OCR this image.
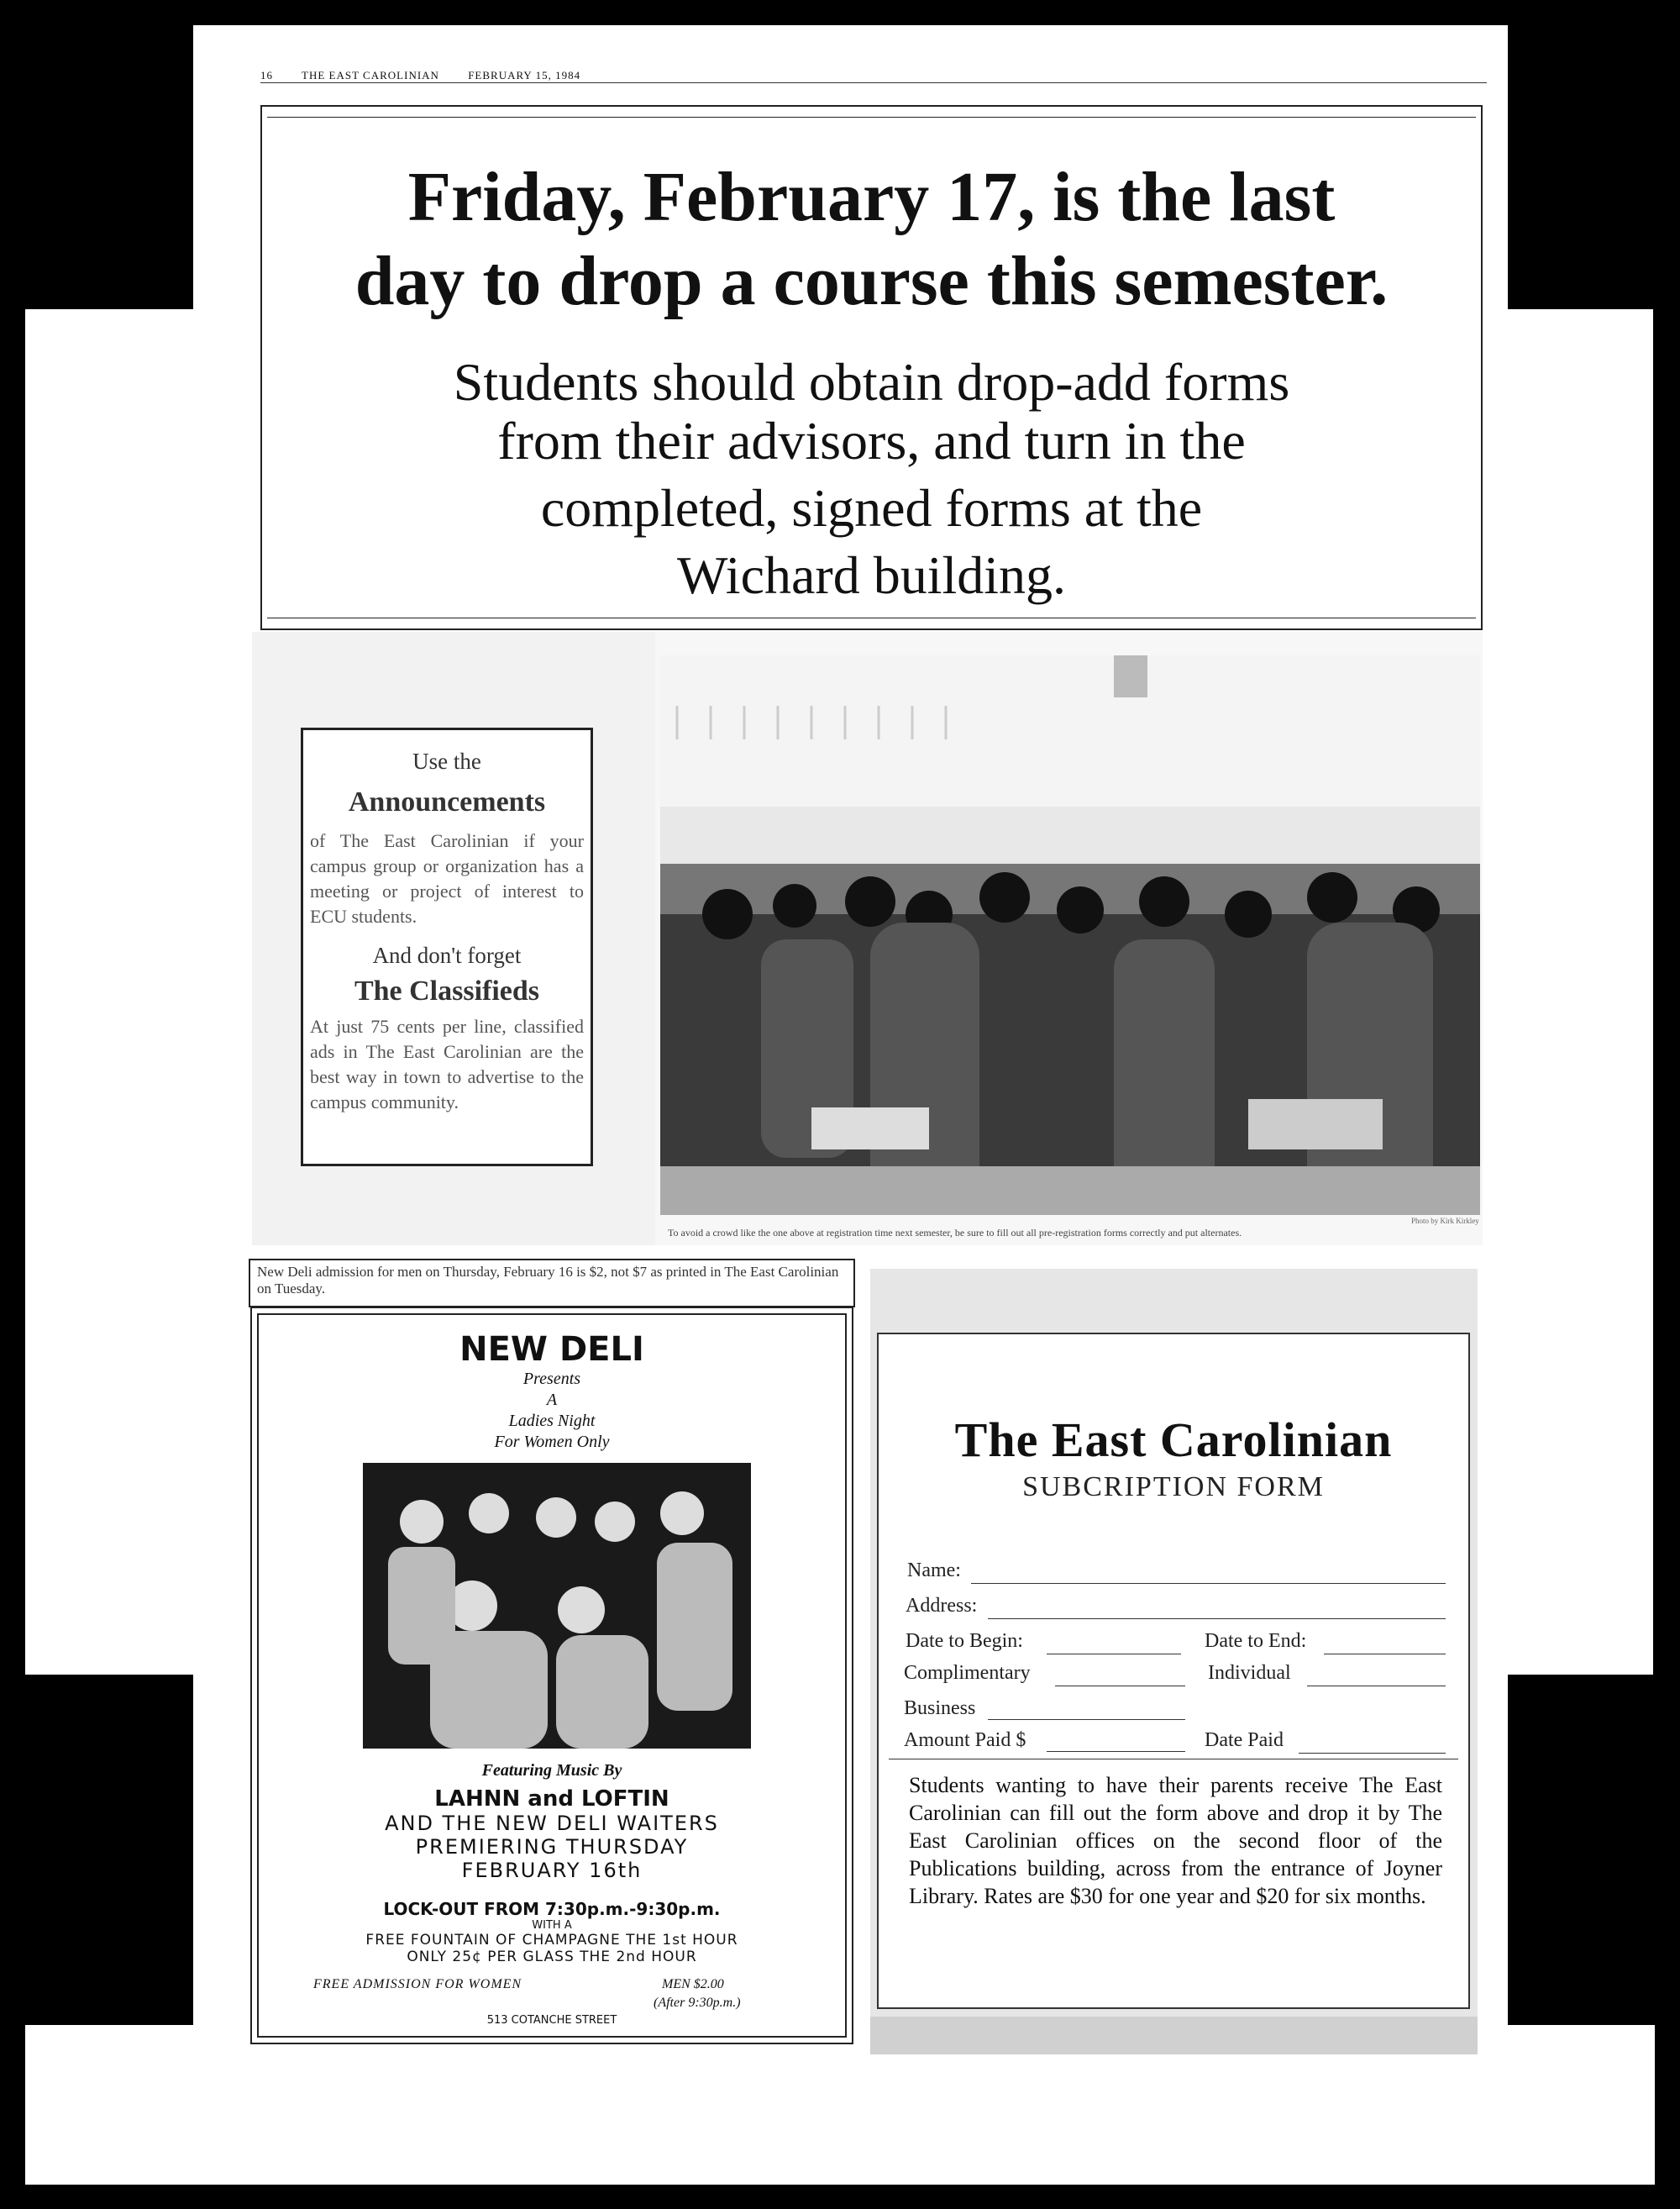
16	THE EAST CAROLINIAN	FEBRUARY 15, 1984
Friday, February 17, is the last
day to drop a course this semester.
Students should obtain drop-add forms
from their advisors, and turn in the
completed, signed forms at the
Wichard building.
Use the
Announcements
of The East Carolinian if your campus group or organization has a meeting or project of interest to ECU students.
And don't forget
The Classifieds
At just 75 cents per line, classified ads in The East Carolinian are the best way in town to advertise to the campus community.
To avoid a crowd like the one above at registration time next semester, be sure to fill out all pre-registration forms correctly and put alternates.
Photo by Kirk Kirkley
New Deli admission for men on Thursday, February 16 is $2, not $7 as printed in The East Carolinian on Tuesday.
NEW DELI
Presents
A
Ladies Night
For Women Only
Featuring Music By
LAHNN and LOFTIN
AND THE NEW DELI WAITERS
PREMIERING THURSDAY
FEBRUARY 16th
LOCK-OUT FROM 7:30p.m.-9:30p.m.
WITH A
FREE FOUNTAIN OF CHAMPAGNE THE 1st HOUR
ONLY 25¢ PER GLASS THE 2nd HOUR
FREE ADMISSION FOR WOMEN	MEN $2.00
(After 9:30p.m.)
513 COTANCHE STREET
The East Carolinian
SUBCRIPTION FORM
Name:
Address:
Date to Begin:	Date to End:
Complimentary	Individual
Business
Amount Paid $	Date Paid
Students wanting to have their parents receive The East Carolinian can fill out the form above and drop it by The East Carolinian offices on the second floor of the Publications building, across from the entrance of Joyner Library. Rates are $30 for one year and $20 for six months.
